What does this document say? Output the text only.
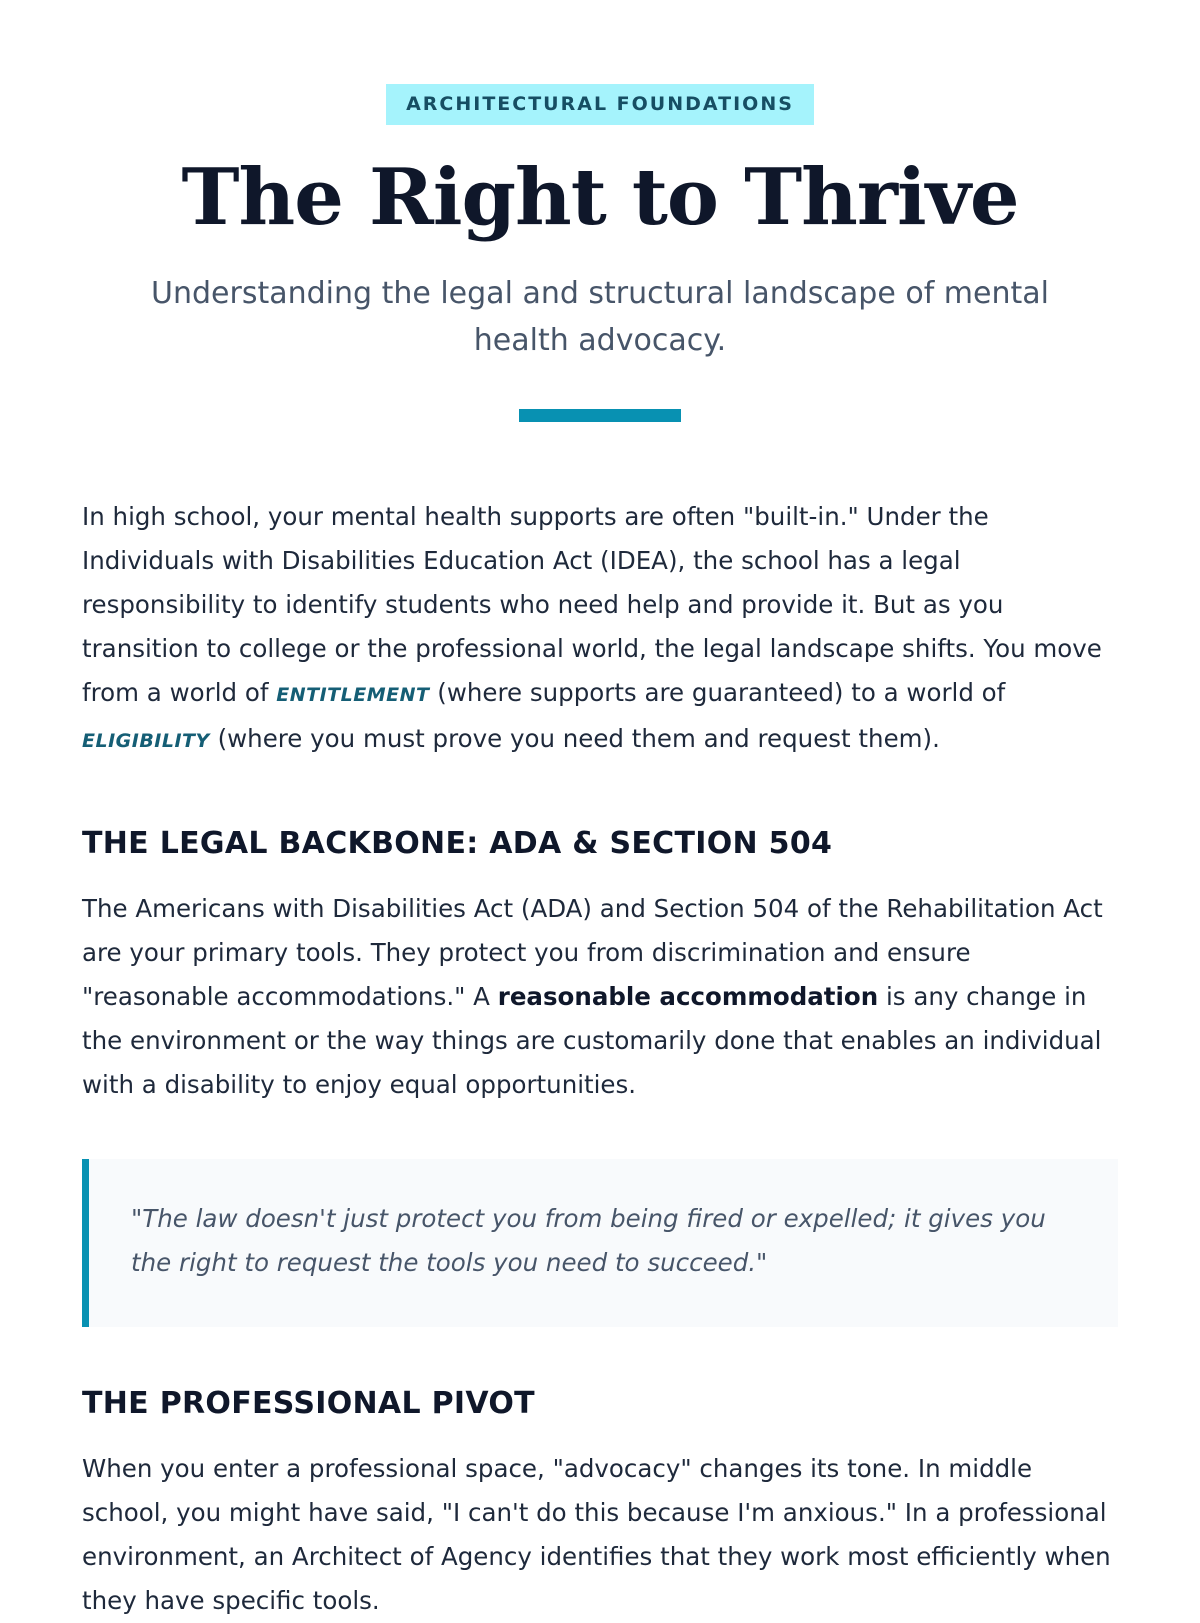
ARCHITECTURAL FOUNDATIONS
The Right to Thrive

Understanding the legal and structural landscape of mental health advocacy.

In high school, your mental health supports are often "built-in." Under the Individuals with Disabilities Education Act (IDEA), the school has a legal responsibility to identify students who need help and provide it. But as you transition to college or the professional world, the legal landscape shifts. You move from a world of ENTITLEMENT (where supports are guaranteed) to a world of ELIGIBILITY (where you must prove you need them and request them).

THE LEGAL BACKBONE: ADA & SECTION 504

The Americans with Disabilities Act (ADA) and Section 504 of the Rehabilitation Act are your primary tools. They protect you from discrimination and ensure "reasonable accommodations." A reasonable accommodation is any change in the environment or the way things are customarily done that enables an individual with a disability to enjoy equal opportunities.

"The law doesn't just protect you from being fired or expelled; it gives you the right to request the tools you need to succeed."

THE PROFESSIONAL PIVOT

When you enter a professional space, "advocacy" changes its tone. In middle school, you might have said, "I can't do this because I'm anxious." In a professional environment, an Architect of Agency identifies that they work most efficiently when they have specific tools.
